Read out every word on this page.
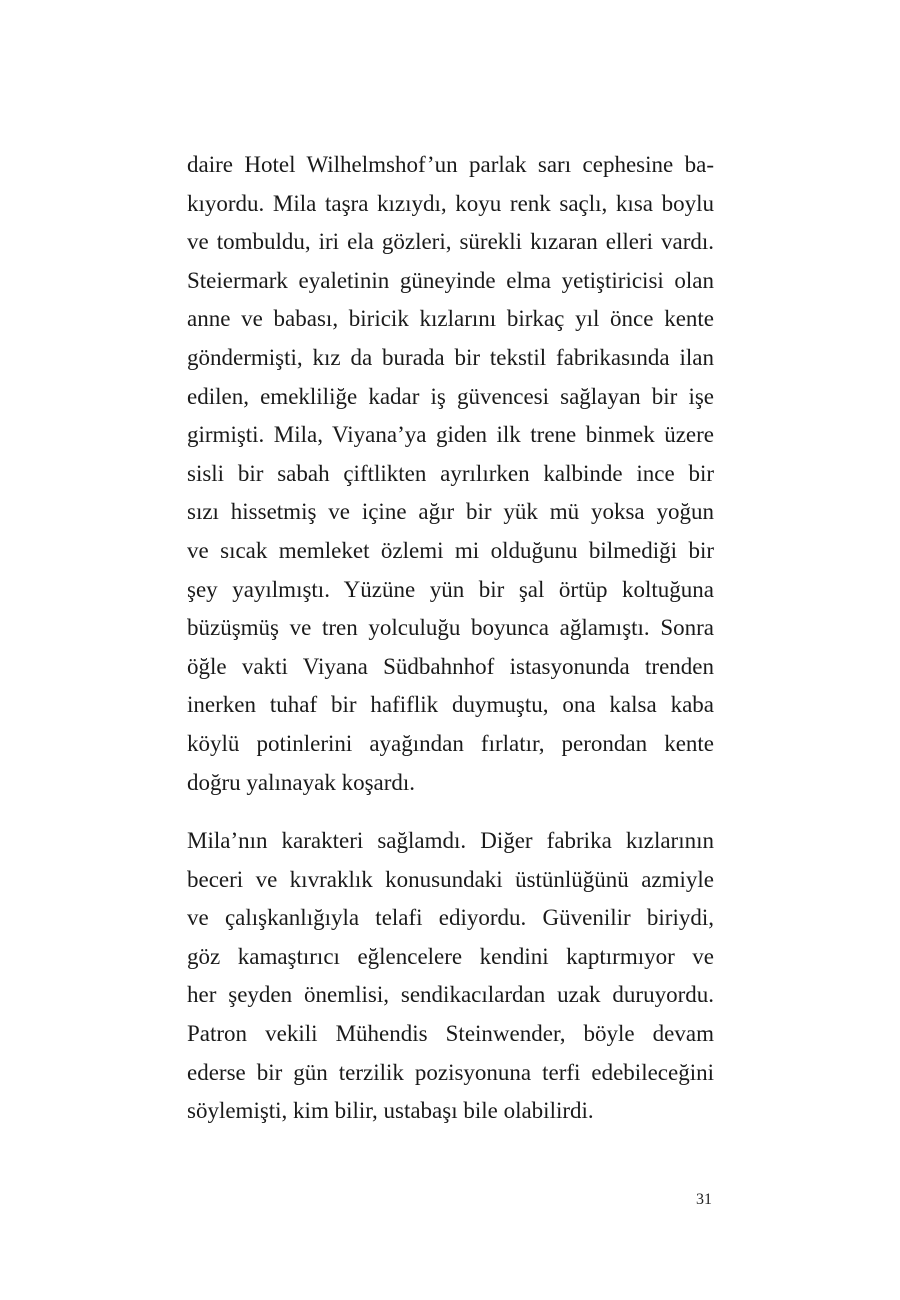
daire Hotel Wilhelmshof’un parlak sarı cephesine ba-
kıyordu. Mila taşra kızıydı, koyu renk saçlı, kısa boylu
ve tombuldu, iri ela gözleri, sürekli kızaran elleri vardı.
Steiermark eyaletinin güneyinde elma yetiştiricisi olan
anne ve babası, biricik kızlarını birkaç yıl önce kente
göndermişti, kız da burada bir tekstil fabrikasında ilan
edilen, emekliliğe kadar iş güvencesi sağlayan bir işe
girmişti. Mila, Viyana’ya giden ilk trene binmek üzere
sisli bir sabah çiftlikten ayrılırken kalbinde ince bir
sızı hissetmiş ve içine ağır bir yük mü yoksa yoğun
ve sıcak memleket özlemi mi olduğunu bilmediği bir
şey yayılmıştı. Yüzüne yün bir şal örtüp koltuğuna
büzüşmüş ve tren yolculuğu boyunca ağlamıştı. Sonra
öğle vakti Viyana Südbahnhof istasyonunda trenden
inerken tuhaf bir hafiflik duymuştu, ona kalsa kaba
köylü potinlerini ayağından fırlatır, perondan kente
doğru yalınayak koşardı.
Mila’nın karakteri sağlamdı. Diğer fabrika kızlarının
beceri ve kıvraklık konusundaki üstünlüğünü azmiyle
ve çalışkanlığıyla telafi ediyordu. Güvenilir biriydi,
göz kamaştırıcı eğlencelere kendini kaptırmıyor ve
her şeyden önemlisi, sendikacılardan uzak duruyordu.
Patron vekili Mühendis Steinwender, böyle devam
ederse bir gün terzilik pozisyonuna terfi edebileceğini
söylemişti, kim bilir, ustabaşı bile olabilirdi.
31
